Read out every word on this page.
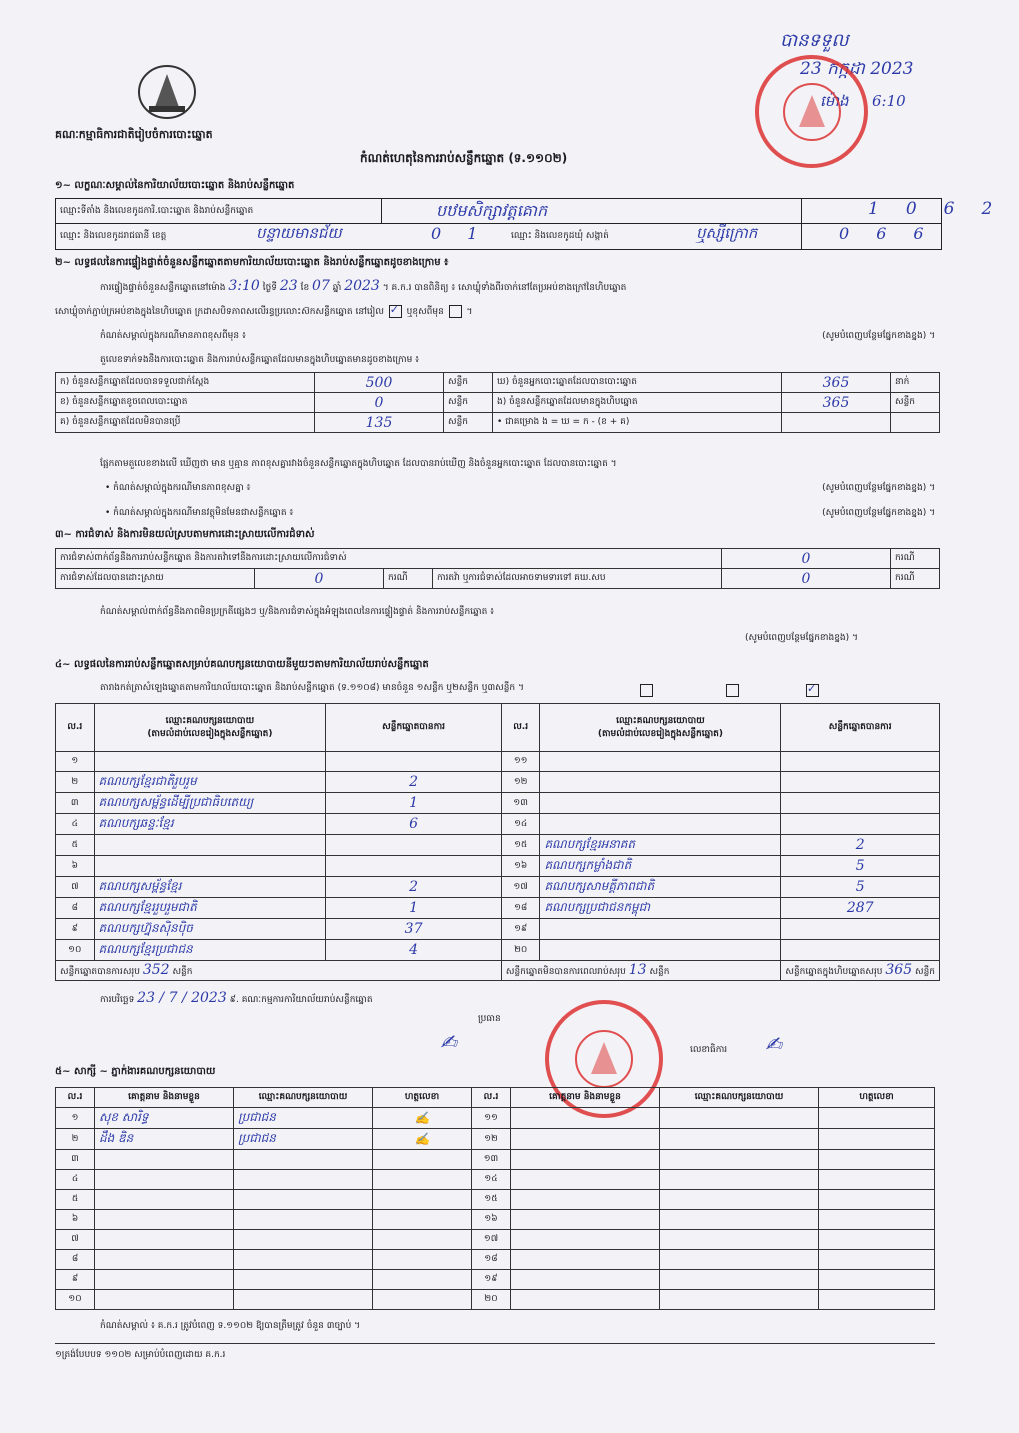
គណៈកម្មាធិការជាតិរៀបចំការបោះឆ្នោត
បានទទួល
23 កក្កដា 2023
ម៉ោង 6:10
កំណត់ហេតុនៃការរាប់សន្លឹកឆ្នោត (ទ.១១០២)
១~ លក្ខណៈសម្គាល់នៃការិយាល័យបោះឆ្នោត និងរាប់សន្លឹកឆ្នោត
ឈ្មោះទីតាំង និងលេខកូដការិ.បោះឆ្នោត និងរាប់សន្លឹកឆ្នោត	បឋមសិក្សាវត្តគោក	1062
ឈ្មោះ និងលេខកូដរាជធានី ខេត្ត	បន្ទាយមានជ័យ	01 ឈ្មោះ និងលេខកូដឃុំ សង្កាត់	ឬស្សីក្រោក	066
២~ លទ្ធផលនៃការផ្ទៀងផ្ទាត់ចំនួនសន្លឹកឆ្នោតតាមការិយាល័យបោះឆ្នោត និងរាប់សន្លឹកឆ្នោតដូចខាងក្រោម ៖
ការផ្ទៀងផ្ទាត់ចំនួនសន្លឹកឆ្នោតនៅម៉ោង 3:10 ថ្ងៃទី 23 ខែ 07 ឆ្នាំ 2023 ។ គ.ក.រ បានពិនិត្យ ៖ សោឃ្លុំទាំងពីរចាក់នៅតែប្រអប់ខាងក្រៅនៃហិបឆ្នោត
សោឃ្លុំចាក់ភ្ជាប់ក្រអប់ខាងក្នុងនៃហិបឆ្នោត ក្រដាសបិទភាពសលើរន្ធប្រលោះស៊កសន្លឹកឆ្នោត នៅរៀល ✓	ឬខុសពីមុន  ។
កំណត់សម្គាល់ក្នុងករណីមានភាពខុសពីមុន ៖	(សូមបំពេញបន្ថែមផ្នែកខាងខ្នង) ។
តួលេខទាក់ទងនឹងការបោះឆ្នោត និងការរាប់សន្លឹកឆ្នោតដែលមានក្នុងហិបឆ្នោតមានដូចខាងក្រោម ៖
ក) ចំនួនសន្លឹកឆ្នោតដែលបានទទួលជាក់ស្ដែង	500	សន្លឹក	ឃ) ចំនួនអ្នកបោះឆ្នោតដែលបានបោះឆ្នោត	365	នាក់
ខ) ចំនួនសន្លឹកឆ្នោតខូចពេលបោះឆ្នោត	0	សន្លឹក	ង) ចំនួនសន្លឹកឆ្នោតដែលមានក្នុងហិបឆ្នោត	365	សន្លឹក
គ) ចំនួនសន្លឹកឆ្នោតដែលមិនបានប្រើ	135	សន្លឹក	• ជាគម្រោង ង = ឃ = ក - (ខ + គ)		
ផ្អែកតាមតួលេខខាងលើ ឃើញថា មាន ឬគ្មាន ភាពខុសគ្នារវាងចំនួនសន្លឹកឆ្នោតក្នុងហិបឆ្នោត ដែលបានរាប់ឃើញ និងចំនួនអ្នកបោះឆ្នោត ដែលបានបោះឆ្នោត ។
• កំណត់សម្គាល់ក្នុងករណីមានភាពខុសគ្នា ៖	(សូមបំពេញបន្ថែមផ្នែកខាងខ្នង) ។
• កំណត់សម្គាល់ក្នុងករណីមានវត្ថុមិនមែនជាសន្លឹកឆ្នោត ៖	(សូមបំពេញបន្ថែមផ្នែកខាងខ្នង) ។
៣~ ការជំទាស់ និងការមិនយល់ស្របតាមការដោះស្រាយលើការជំទាស់
ការជំទាស់ពាក់ព័ន្ធនឹងការរាប់សន្លឹកឆ្នោត និងការតវ៉ាទៅនឹងការដោះស្រាយលើការជំទាស់				0	ករណី
ការជំទាស់ដែលបានដោះស្រាយ	0	ករណី	ការតវ៉ា ឬការជំទាស់ដែលអាចទាមទារទៅ គឃ.សប	0	ករណី
កំណត់សម្គាល់ពាក់ព័ន្ធនឹងភាពមិនប្រក្រតីផ្សេងៗ ឬ/និងការជំទាស់ក្នុងអំឡុងពេលនៃការផ្ទៀងផ្ទាត់ និងការរាប់សន្លឹកឆ្នោត ៖
(សូមបំពេញបន្ថែមផ្នែកខាងខ្នង) ។
៤~ លទ្ធផលនៃការរាប់សន្លឹកឆ្នោតសម្រាប់គណបក្សនយោបាយនីមួយៗតាមការិយាល័យរាប់សន្លឹកឆ្នោត
តារាងកត់ត្រាសំឡេងឆ្នោតតាមការិយាល័យបោះឆ្នោត និងរាប់សន្លឹកឆ្នោត (ទ.១១០៨) មានចំនួន ១សន្លឹក ឬ២សន្លឹក ឬ៣សន្លឹក ។
✓
ល.រ	ឈ្មោះគណបក្សនយោបាយ
(តាមលំដាប់លេខរៀងក្នុងសន្លឹកឆ្នោត)	សន្លឹកឆ្នោតបានការ	ល.រ	ឈ្មោះគណបក្សនយោបាយ
(តាមលំដាប់លេខរៀងក្នុងសន្លឹកឆ្នោត)	សន្លឹកឆ្នោតបានការ
១			១១		
២	គណបក្សខ្មែរជាតិរួបរួម	2	១២		
៣	គណបក្សសម្ព័ន្ធដើម្បីប្រជាធិបតេយ្យ	1	១៣		
៤	គណបក្សឆន្ទៈខ្មែរ	6	១៤		
៥			១៥	គណបក្សខ្មែរអនាគត	2
៦			១៦	គណបក្សកម្លាំងជាតិ	5
៧	គណបក្សសម្ព័ន្ធខ្មែរ	2	១៧	គណបក្សសាមគ្គីភាពជាតិ	5
៨	គណបក្សខ្មែររួបរួមជាតិ	1	១៨	គណបក្សប្រជាជនកម្ពុជា	287
៩	គណបក្សហ្វ៊ុនស៊ិនប៉ិច	37	១៩		
១០	គណបក្សខ្មែរប្រជាជន	4	២០		
សន្លឹកឆ្នោតបានការសរុប 352 សន្លឹក			សន្លឹកឆ្នោតមិនបានការពេលរាប់សរុប 13 សន្លឹក		សន្លឹកឆ្នោតក្នុងហិបឆ្នោតសរុប 365 សន្លឹក
ការបរិច្ឆេទ 23 / 7 / 2023 ៩. គណៈកម្មការការិយាល័យរាប់សន្លឹកឆ្នោត
ប្រធាន
✍︎	លេខាធិការ ✍︎
៥~ សាក្សី ~ ភ្នាក់ងារគណបក្សនយោបាយ
ល.រ	គោត្តនាម និងនាមខ្លួន	ឈ្មោះគណបក្សនយោបាយ	ហត្ថលេខា	ល.រ	គោត្តនាម និងនាមខ្លួន	ឈ្មោះគណបក្សនយោបាយ	ហត្ថលេខា
១	សុខ សារិទ្ធ	ប្រជាជន	✍	១១			
២	ដឹង ឌិន	ប្រជាជន	✍	១២			
៣				១៣			
៤				១៤			
៥				១៥			
៦				១៦			
៧				១៧			
៨				១៨			
៩				១៩			
១០				២០			
កំណត់សម្គាល់ ៖ គ.ក.រ ត្រូវបំពេញ ទ.១១០២ ឱ្យបានត្រឹមត្រូវ ចំនួន ៣ច្បាប់ ។
១ត្រង់បែបបទ ១១០២ សម្រាប់បំពេញដោយ គ.ក.រ
